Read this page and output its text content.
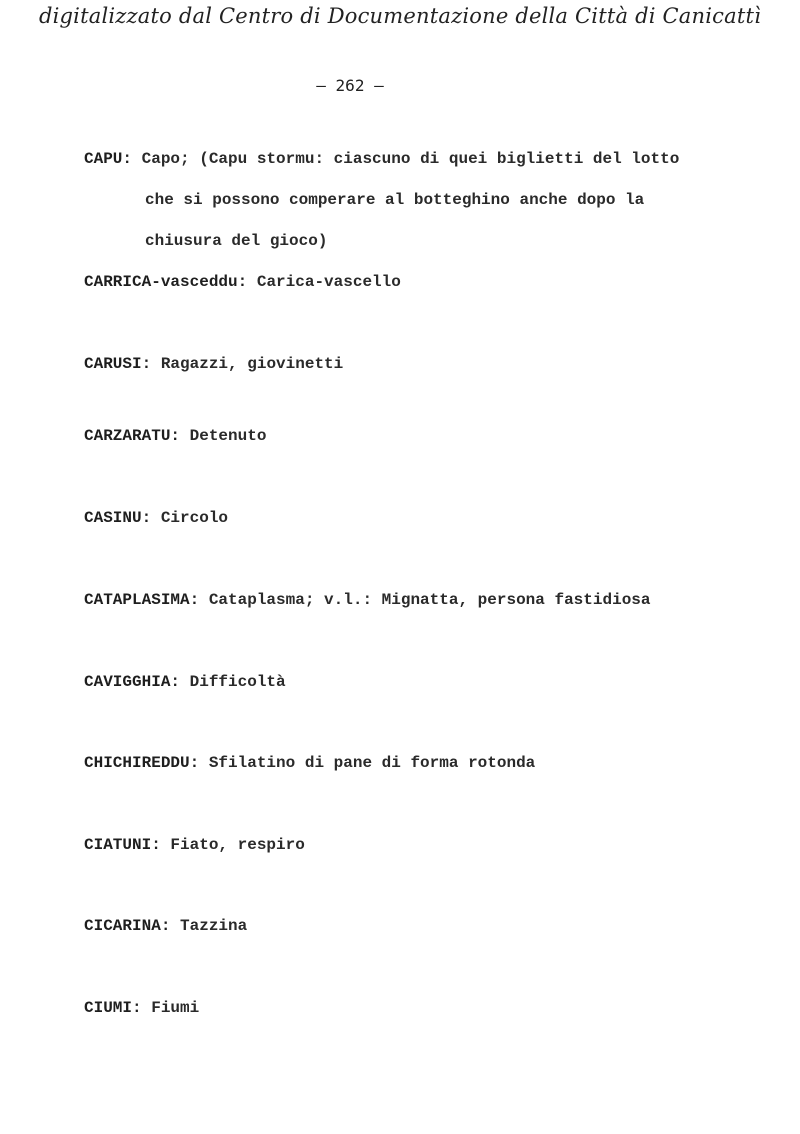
digitalizzato dal Centro di Documentazione della Città di Canicattì
– 262 –
CAPU: Capo; (Capu stormu: ciascuno di quei biglietti del lotto
che si possono comperare al botteghino anche dopo la
chiusura del gioco)
CARRICA-vasceddu: Carica-vascello
CARUSI: Ragazzi, giovinetti
CARZARATU: Detenuto
CASINU: Circolo
CATAPLASIMA: Cataplasma; v.l.: Mignatta, persona fastidiosa
CAVIGGHIA: Difficoltà
CHICHIREDDU: Sfilatino di pane di forma rotonda
CIATUNI: Fiato, respiro
CICARINA: Tazzina
CIUMI: Fiumi
